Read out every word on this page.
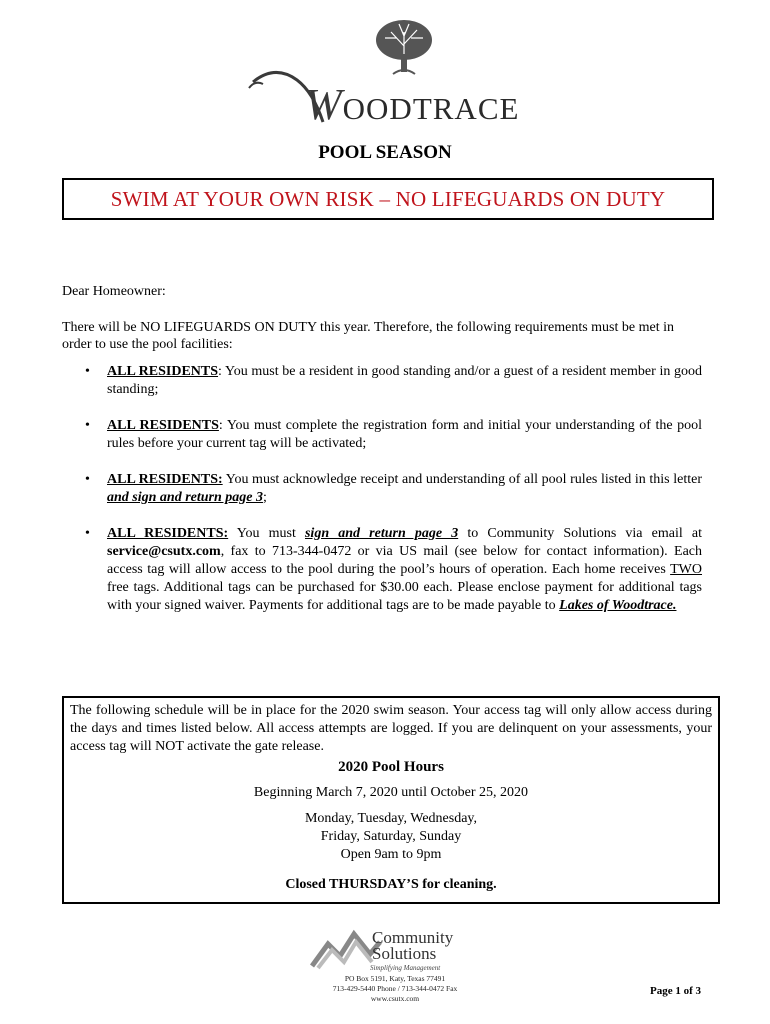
WOODTRACE
POOL SEASON
SWIM AT YOUR OWN RISK – NO LIFEGUARDS ON DUTY
Dear Homeowner:
There will be NO LIFEGUARDS ON DUTY this year. Therefore, the following requirements must be met in order to use the pool facilities:
• ALL RESIDENTS: You must be a resident in good standing and/or a guest of a resident member in good standing;
• ALL RESIDENTS: You must complete the registration form and initial your understanding of the pool rules before your current tag will be activated;
• ALL RESIDENTS: You must acknowledge receipt and understanding of all pool rules listed in this letter and sign and return page 3;
• ALL RESIDENTS: You must sign and return page 3 to Community Solutions via email at service@csutx.com, fax to 713-344-0472 or via US mail (see below for contact information). Each access tag will allow access to the pool during the pool’s hours of operation. Each home receives TWO free tags. Additional tags can be purchased for $30.00 each. Please enclose payment for additional tags with your signed waiver. Payments for additional tags are to be made payable to Lakes of Woodtrace.
The following schedule will be in place for the 2020 swim season. Your access tag will only allow access during the days and times listed below. All access attempts are logged. If you are delinquent on your assessments, your access tag will NOT activate the gate release.
2020 Pool Hours
Beginning March 7, 2020 until October 25, 2020
Monday, Tuesday, Wednesday,
Friday, Saturday, Sunday
Open 9am to 9pm
Closed THURSDAY’S for cleaning.
Community
Solutions
Simplifying Management
PO Box 5191, Katy, Texas 77491
713-429-5440 Phone / 713-344-0472 Fax
www.csutx.com
Page 1 of 3
